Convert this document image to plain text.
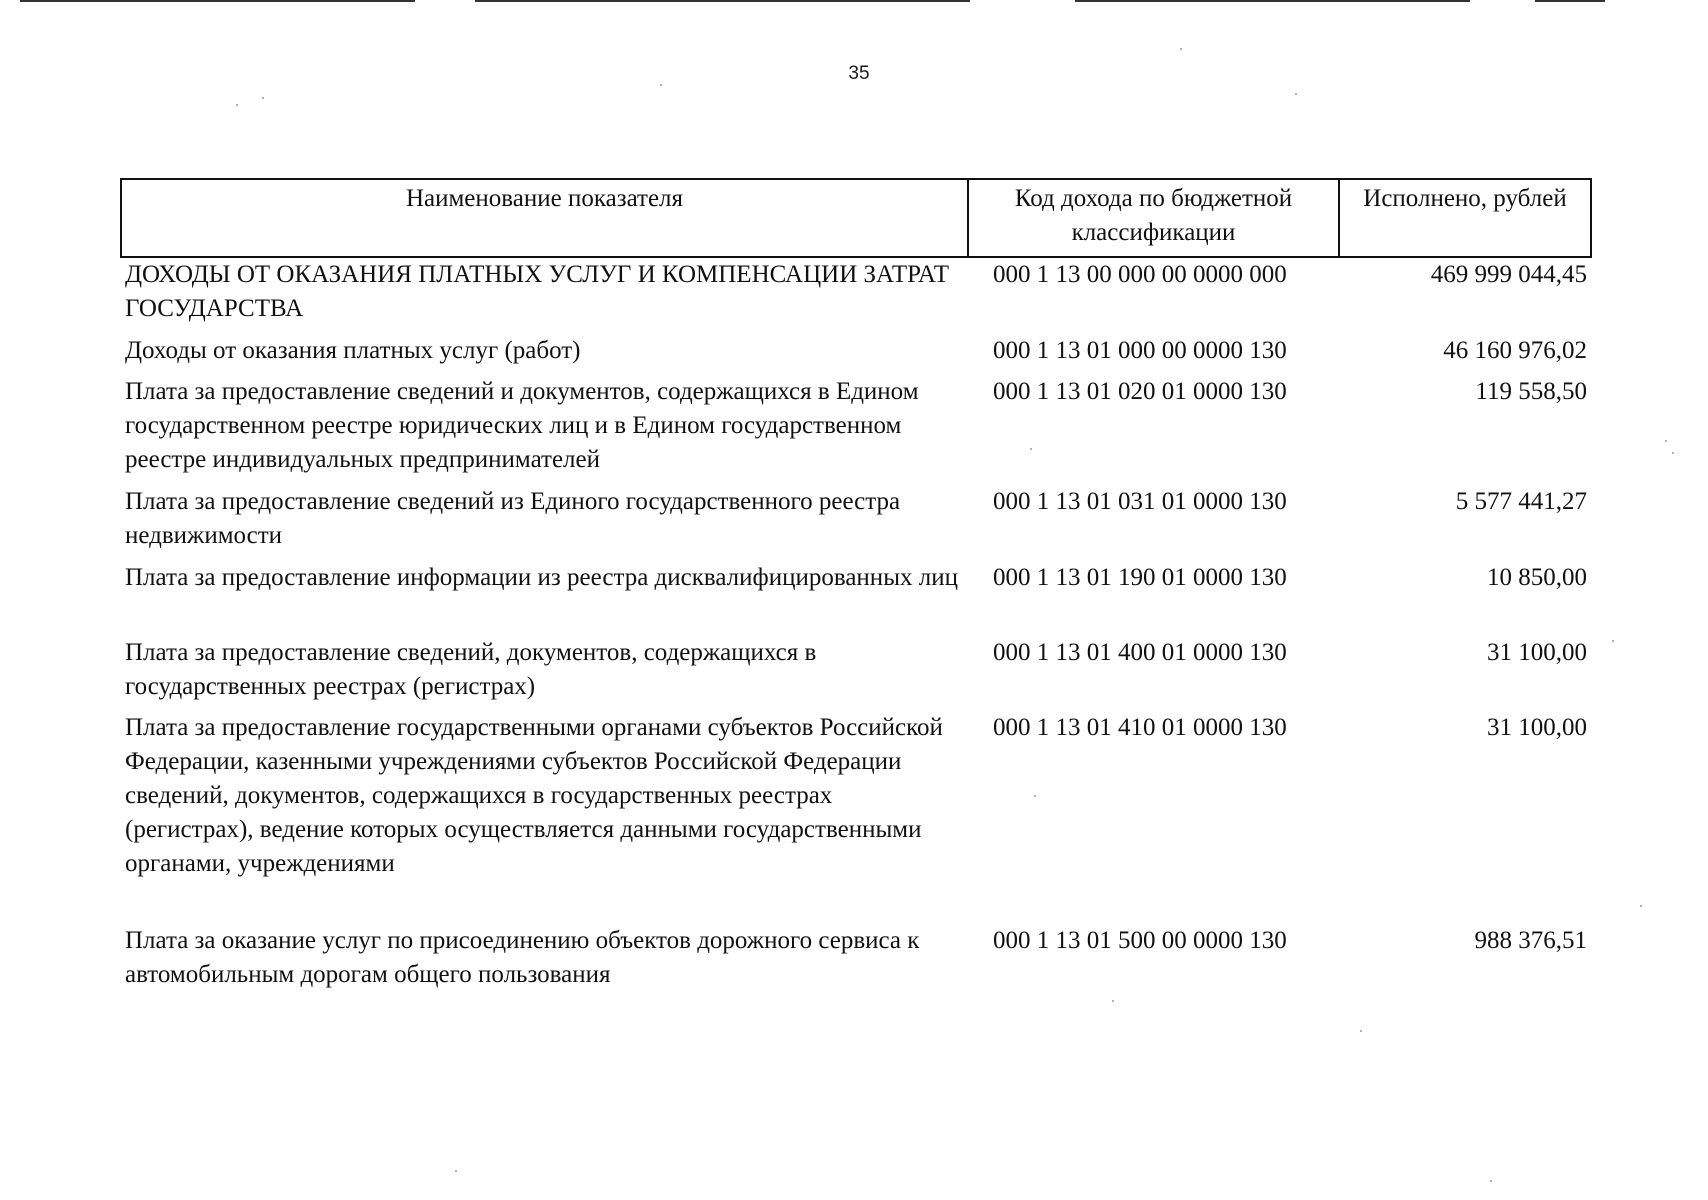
35
Наименование показателя	Код дохода по бюджетной классификации	Исполнено, рублей
ДОХОДЫ ОТ ОКАЗАНИЯ ПЛАТНЫХ УСЛУГ И КОМПЕНСАЦИИ ЗАТРАТ ГОСУДАРСТВА	000 1 13 00 000 00 0000 000	469 999 044,45
Доходы от оказания платных услуг (работ)	000 1 13 01 000 00 0000 130	46 160 976,02
Плата за предоставление сведений и документов, содержащихся в Едином государственном реестре юридических лиц и в Едином государственном реестре индивидуальных предпринимателей	000 1 13 01 020 01 0000 130	119 558,50
Плата за предоставление сведений из Единого государственного реестра недвижимости	000 1 13 01 031 01 0000 130	5 577 441,27
Плата за предоставление информации из реестра дисквалифицированных лиц	000 1 13 01 190 01 0000 130	10 850,00
Плата за предоставление сведений, документов, содержащихся в государственных реестрах (регистрах)	000 1 13 01 400 01 0000 130	31 100,00
Плата за предоставление государственными органами субъектов Российской Федерации, казенными учреждениями субъектов Российской Федерации сведений, документов, содержащихся в государственных реестрах (регистрах), ведение которых осуществляется данными государственными органами, учреждениями	000 1 13 01 410 01 0000 130	31 100,00
Плата за оказание услуг по присоединению объектов дорожного сервиса к автомобильным дорогам общего пользования	000 1 13 01 500 00 0000 130	988 376,51
